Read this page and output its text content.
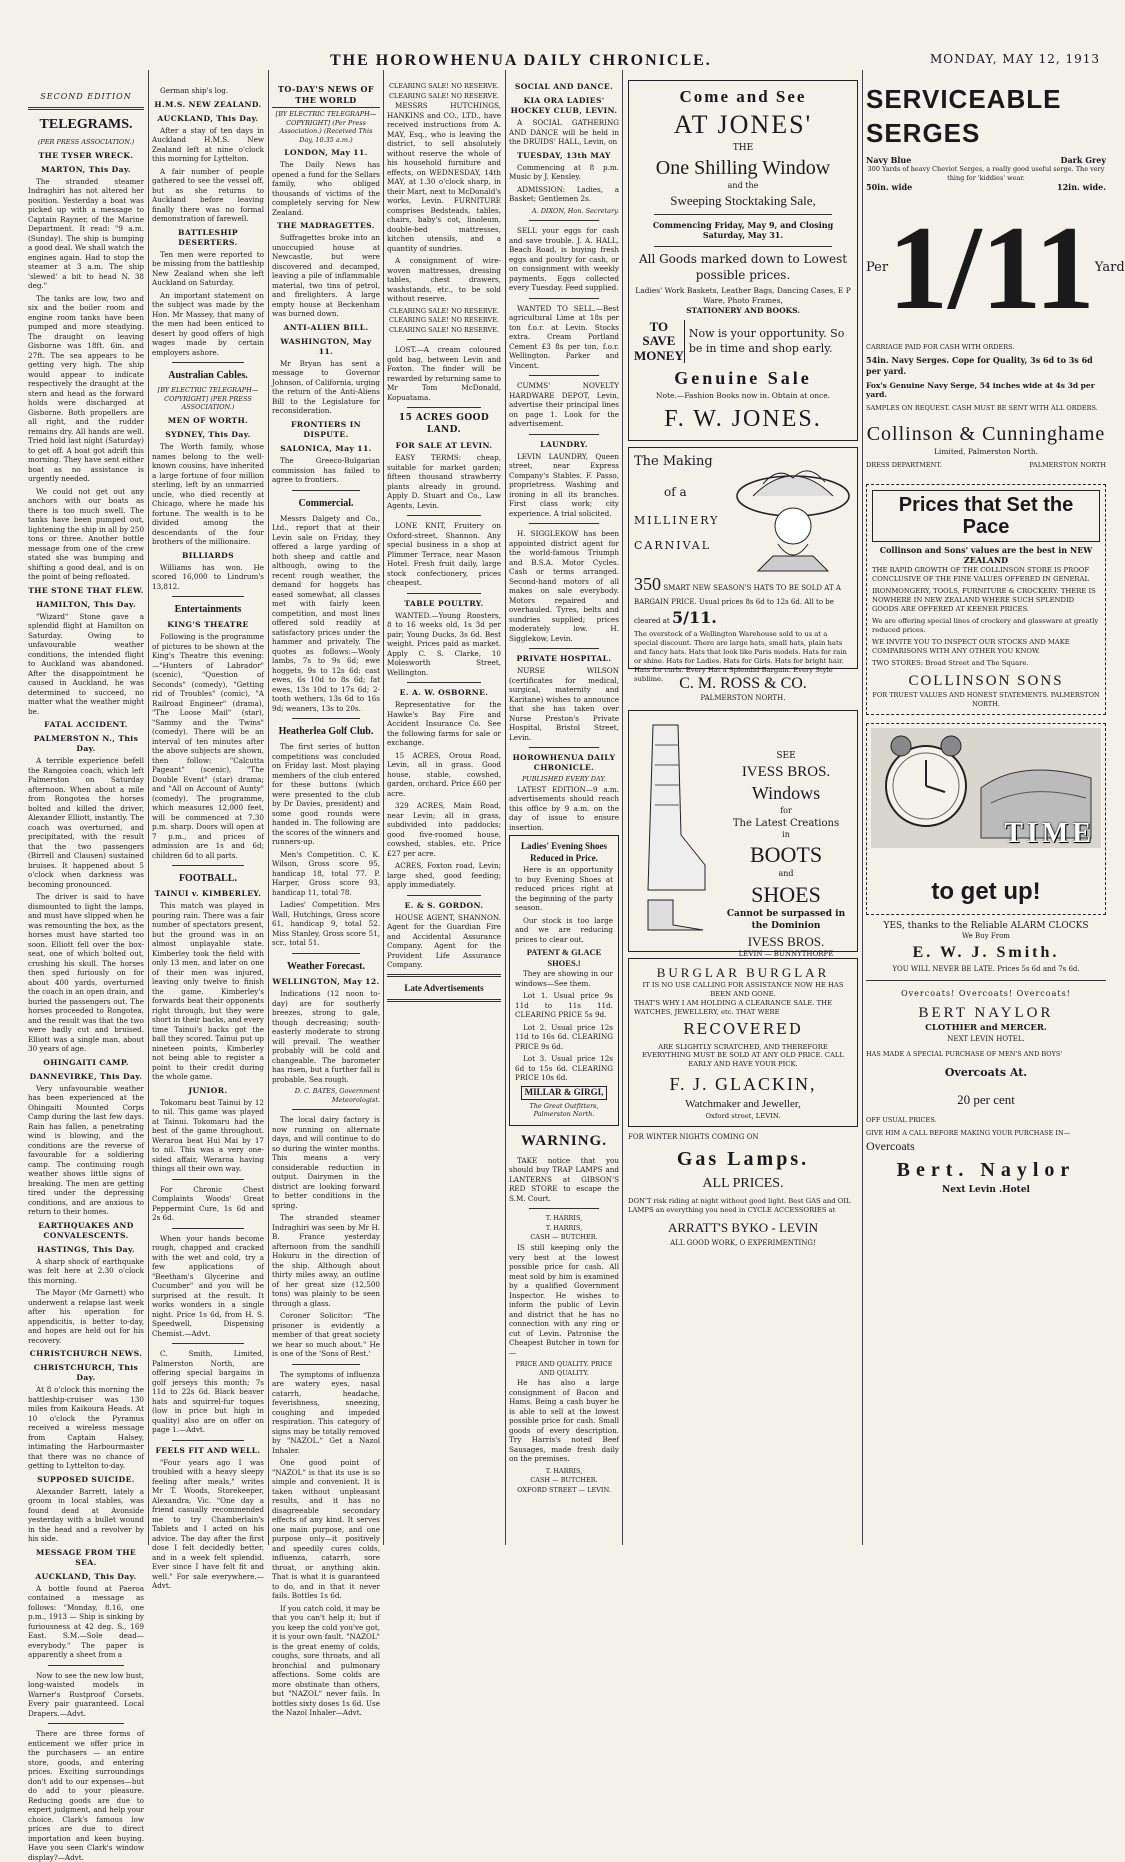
THE HOROWHENUA DAILY CHRONICLE.	MONDAY, MAY 12, 1913
SECOND EDITION
TELEGRAMS.
(PER PRESS ASSOCIATION.)
THE TYSER WRECK.
MARTON, This Day.

The stranded steamer Indraghiri has not altered her position. Yesterday a boat was picked up with a message to Captain Rayner, of the Marine Department. It read: "9 a.m. (Sunday). The ship is bumping a good deal. We shall watch the engines again. Had to stop the steamer at 3 a.m. The ship 'slewed' a bit to head N. 38 deg."

The tanks are low, two and six and the boiler room and engine room tanks have been pumped and more steadying. The draught on leaving Gisborne was 18ft. 6in. and 27ft. The sea appears to be getting very high. The ship would appear to indicate respectively the draught at the stern and head as the forward holds were discharged at Gisborne. Both propellers are all right, and the rudder remains dry. All hands are well. Tried hold last night (Saturday) to get off. A boat got adrift this morning. They have sent either boat as no assistance is urgently needed.

We could not get out any anchors with our boats as there is too much swell. The tanks have been pumped out, lightening the ship in all by 250 tons or three. Another bottle message from one of the crew stated she was bumping and shifting a good deal, and is on the point of being refloated.

THE STONE THAT FLEW.
HAMILTON, This Day.

"Wizard" Stone gave a splendid flight at Hamilton on Saturday. Owing to unfavourable weather conditions, the intended flight to Auckland was abandoned. After the disappointment he caused in Auckland, he was determined to succeed, no matter what the weather might be.

FATAL ACCIDENT.
PALMERSTON N., This Day.

A terrible experience befell the Rangoiea coach, which left Palmerston on Saturday afternoon. When about a mile from Rongotea the horses bolted and killed the driver, Alexander Elliott, instantly. The coach was overturned, and precipitated, with the result that the two passengers (Birrell and Clausen) sustained bruises. It happened about 5 o'clock when darkness was becoming pronounced.

The driver is said to have dismounted to light the lamps, and must have slipped when he was remounting the box, as the horses must have started too soon. Elliott fell over the box-seat, one of which bolted out, crushing his skull. The horses then sped furiously on for about 400 yards, overturned the coach in an open drain, and buried the passengers out. The horses proceeded to Rongotea, and the result was that the two were badly cut and bruised. Elliott was a single man, about 30 years of age.

OHINGAITI CAMP.
DANNEVIRKE, This Day.

Very unfavourable weather has been experienced at the Ohingaiti Mounted Corps Camp during the last few days. Rain has fallen, a penetrating wind is blowing, and the conditions are the reverse of favourable for a soldiering camp. The continuing rough weather shows little signs of breaking. The men are getting tired under the depressing conditions, and are anxious to return to their homes.

EARTHQUAKES AND CONVALESCENTS.
HASTINGS, This Day.

A sharp shock of earthquake was felt here at 2.30 o'clock this morning.

The Mayor (Mr Garnett) who underwent a relapse last week after his operation for appendicitis, is better to-day, and hopes are held out for his recovery.

CHRISTCHURCH NEWS.
CHRISTCHURCH, This Day.

At 8 o'clock this morning the battleship-cruiser was 130 miles from Kaikoura Heads. At 10 o'clock the Pyramus received a wireless message from Captain Halsey, intimating the Harbourmaster that there was no chance of getting to Lyttelton to-day.

SUPPOSED SUICIDE.

Alexander Barrett, lately a groom in local stables, was found dead at Avonside yesterday with a bullet wound in the head and a revolver by his side.

MESSAGE FROM THE SEA.
AUCKLAND, This Day.

A bottle found at Paeroa contained a message as follows: "Monday, 8.16, one p.m., 1913 — Ship is sinking by furiousness at 42 deg. S., 169 East. S.M.—Sole dead—everybody." The paper is apparently a sheet from a

Now to see the new low bust, long-waisted models in Warner's Rustproof Corsets. Every pair guaranteed. Local Drapers.—Advt.

There are three forms of enticement we offer price in the purchasers — an entire store, goods, and entering prices. Exciting surroundings don't add to our expenses—but do add to your pleasure. Reducing goods are due to expert judgment, and help your choice. Clark's famous low prices are due to direct importation and keen buying. Have you seen Clark's window display?—Advt.

German ship's log.

H.M.S. NEW ZEALAND.
AUCKLAND, This Day.

After a stay of ten days in Auckland H.M.S. New Zealand left at nine o'clock this morning for Lyttelton.

A fair number of people gathered to see the vessel off, but as she returns to Auckland before leaving finally there was no formal demonstration of farewell.

BATTLESHIP DESERTERS.

Ten men were reported to be missing from the battleship New Zealand when she left Auckland on Saturday.

An important statement on the subject was made by the Hon. Mr Massey, that many of the men had been enticed to desert by good offers of high wages made by certain employers ashore.

Australian Cables.
[BY ELECTRIC TELEGRAPH—COPYRIGHT] (PER PRESS ASSOCIATION.)
MEN OF WORTH.
SYDNEY, This Day.

The Worth family, whose names belong to the well-known cousins, have inherited a large fortune of four million sterling, left by an unmarried uncle, who died recently at Chicago, where he made his fortune. The wealth is to be divided among the descendants of the four brothers of the millionaire.

BILLIARDS

Williams has won. He scored 16,000 to Lindrum's 13,812.

Entertainments
KING'S THEATRE

Following is the programme of pictures to be shown at the King's Theatre this evening:—"Hunters of Labrador" (scenic), "Question of Seconds" (comedy), "Getting rid of Troubles" (comic), "A Railroad Engineer" (drama), "The Loose Mail" (star), "Sammy and the Twins" (comedy). There will be an interval of ten minutes after the above subjects are shown, then follow: "Calcutta Pageant" (scenic), "The Double Event" (star) drama; and "All on Account of Aunty" (comedy). The programme, which measures 12,000 feet, will be commenced at 7.30 p.m. sharp. Doors will open at 7 p.m., and prices of admission are 1s and 6d; children 6d to all parts.

FOOTBALL.
TAINUI v. KIMBERLEY.

This match was played in pouring rain. There was a fair number of spectators present, but the ground was in an almost unplayable state. Kimberley took the field with only 13 men, and later on one of their men was injured, leaving only twelve to finish the game. Kimberley's forwards beat their opponents right through, but they were short in their backs, and every time Tainui's backs got the ball they scored. Tainui put up nineteen points, Kimberley not being able to register a point to their credit during the whole game.

JUNIOR.

Tokomaru beat Tainui by 12 to nil. This game was played at Tainui. Tokomaru had the best of the game throughout. Weraroa beat Hui Mai by 17 to nil. This was a very one-sided affair, Weraroa having things all their own way.

For Chronic Chest Complaints Woods' Great Peppermint Cure, 1s 6d and 2s 6d.

When your hands become rough, chapped and cracked with the wet and cold, try a few applications of "Beetham's Glycerine and Cucumber" and you will be surprised at the result. It works wonders in a single night. Price 1s 6d, from H. S. Speedwell, Dispensing Chemist.—Advt.

C. Smith, Limited, Palmerston North, are offering special bargains in golf jerseys this month; 7s 11d to 22s 6d. Black beaver hats and squirrel-fur toques (low in price but high in quality) also are on offer on page 1.—Advt.

FEELS FIT AND WELL.

"Four years ago I was troubled with a heavy sleepy feeling after meals," writes Mr T. Woods, Storekeeper, Alexandra, Vic. "One day a friend casually recommended me to try Chamberlain's Tablets and I acted on his advice. The day after the first dose I felt decidedly better, and in a week felt splendid. Ever since I have felt fit and well." For sale everywhere.—Advt.

TO-DAY'S NEWS OF THE WORLD
[BY ELECTRIC TELEGRAPH—COPYRIGHT] (Per Press Association.) (Received This Day, 10.35 a.m.)
LONDON, May 11.

The Daily News has opened a fund for the Sellars family, who obliged thousands of victims of the completely serving for New Zealand.

THE MADRAGETTES.

Suffragettes broke into an unoccupied house at Newcastle, but were discovered and decamped, leaving a pile of inflammable material, two tins of petrol, and firelighters. A large empty house at Beckenham was burned down.

ANTI-ALIEN BILL.
WASHINGTON, May 11.

Mr Bryan has sent a message to Governor Johnson, of California, urging the return of the Anti-Aliens Bill to the Legislature for reconsideration.

FRONTIERS IN DISPUTE.
SALONICA, May 11.

The Greeco-Bulgarian commission has failed to agree to frontiers.

Commercial.

Messrs Dalgety and Co., Ltd., report that at their Levin sale on Friday, they offered a large yarding of both sheep and cattle and although, owing to the recent rough weather, the demand for hoggets has eased somewhat, all classes met with fairly keen competition, and most lines offered sold readily at satisfactory prices under the hammer and privately. The quotes as follows:—Wooly lambs, 7s to 9s 6d; ewe hoggets, 9s to 12s 6d; cast ewes, 6s 10d to 8s 6d; fat ewes, 13s 10d to 17s 6d; 2-tooth wethers, 13s 6d to 16s 9d; weaners, 13s to 20s.

Heatherlea Golf Club.

The first series of button competitions was concluded on Friday last. Most playing members of the club entered for these buttons (which were presented to the club by Dr Davies, president) and some good rounds were handed in. The following are the scores of the winners and runners-up.

Men's Competition. C. K. Wilson, Gross score 95, handicap 18, total 77. P. Harper, Gross score 93, handicap 11, total 78.

Ladies' Competition. Mrs Wall, Hutchings, Gross score 61, handicap 9, total 52. Miss Stanley, Gross score 51, scr., total 51.

Weather Forecast.
WELLINGTON, May 12.

Indications (12 noon to-day) are for southerly breezes, strong to gale, though decreasing; south-easterly moderate to strong will prevail. The weather probably will be cold and changeable. The barometer has risen, but a further fall is probable. Sea rough.

D. C. BATES, Government Meteorologist.

The local dairy factory is now running on alternate days, and will continue to do so during the winter months. This means a very considerable reduction in output. Dairymen in the district are looking forward to better conditions in the spring.

The stranded steamer Indraghiri was seen by Mr H. B. France yesterday afternoon from the sandhill Hokuru in the direction of the ship. Although about thirty miles away, an outline of her great size (12,500 tons) was plainly to be seen through a glass.

Coroner Solicitor: "The prisoner is evidently a member of that great society we hear so much about." He is one of the 'Sons of Rest.'

The symptoms of influenza are watery eyes, nasal catarrh, headache, feverishness, sneezing, coughing and impeded respiration. This category of signs may be totally removed by "NAZOL." Get a Nazol Inhaler.

One good point of "NAZOL" is that its use is so simple and convenient. It is taken without unpleasant results, and it has no disagreeable secondary effects of any kind. It serves one main purpose, and one purpose only—it positively and speedily cures colds, influenza, catarrh, sore throat, or anything akin. That is what it is guaranteed to do, and in that it never fails. Bottles 1s 6d.

If you catch cold, it may be that you can't help it; but if you keep the cold you've got, it is your own fault. "NAZOL" is the great enemy of colds, coughs, sore throats, and all bronchial and pulmonary affections. Some colds are more obstinate than others, but "NAZOL" never fails. In bottles sixty doses 1s 6d. Use the Nazol Inhaler—Advt.

CLEARING SALE! NO RESERVE.
CLEARING SALE! NO RESERVE.

MESSRS HUTCHINGS, HANKINS and CO., LTD., have received instructions from A. MAY, Esq., who is leaving the district, to sell absolutely without reserve the whole of his household furniture and effects, on WEDNESDAY, 14th MAY, at 1.30 o'clock sharp, in their Mart, next to McDonald's works, Levin. FURNITURE comprises Bedsteads, tables, chairs, baby's cot, linoleum, double-bed mattresses, kitchen utensils, and a quantity of sundries.

A consignment of wire-woven mattresses, dressing tables, chest drawers, washstands, etc., to be sold without reserve.

CLEARING SALE! NO RESERVE.
CLEARING SALE! NO RESERVE.
CLEARING SALE! NO RESERVE.

LOST.—A cream coloured gold bag, between Levin and Foxton. The finder will be rewarded by returning same to Mr Tom McDonald, Kopuatama.

15 ACRES GOOD LAND.
FOR SALE AT LEVIN.

EASY TERMS: cheap, suitable for market garden; fifteen thousand strawberry plants already in ground. Apply D. Stuart and Co., Law Agents, Levin.

LONE KNIT, Fruitery on Oxford-street, Shannon. Any special business in a shop at Plimmer Terrace, near Mason Hotel. Fresh fruit daily, large stock confectionery, prices cheapest.

TABLE POULTRY.

WANTED.—Young Roosters, 8 to 16 weeks old, 1s 3d per pair; Young Ducks, 3s 6d. Best weight. Prices paid as market. Apply C. S. Clarke, 10 Molesworth Street, Wellington.

E. A. W. OSBORNE.

Representative for the Hawke's Bay Fire and Accident Insurance Co. See the following farms for sale or exchange.

15 ACRES, Oroua Road, Levin, all in grass. Good house, stable, cowshed, garden, orchard. Price £60 per acre.

329 ACRES, Main Road, near Levin; all in grass, subdivided into paddocks; good five-roomed house, cowshed, stables, etc. Price £27 per acre.

ACRES, Foxton road, Levin; large shed, good feeding; apply immediately.

E. & S. GORDON.

HOUSE AGENT, SHANNON. Agent for the Guardian Fire and Accidental Assurance Company. Agent for the Provident Life Assurance Company.

Late Advertisements
SOCIAL AND DANCE.
KIA ORA LADIES' HOCKEY CLUB, LEVIN.

A SOCIAL GATHERING AND DANCE will be held in the DRUIDS' HALL, Levin, on

TUESDAY, 13th MAY

Commencing at 8 p.m. Music by J. Kensley.

ADMISSION: Ladies, a Basket; Gentlemen 2s.

A. DIXON, Hon. Secretary.

SELL your eggs for cash and save trouble. J. A. HALL, Beach Road, is buying fresh eggs and poultry for cash, or on consignment with weekly payments. Eggs collected every Tuesday. Feed supplied.

WANTED TO SELL.—Best agricultural Lime at 18s per ton f.o.r. at Levin. Stocks extra. Cream Portland Cement £3 8s per ton, f.o.r. Wellington. Parker and Vincent.

CUMMS' NOVELTY HARDWARE DEPOT, Levin, advertise their principal lines on page 1. Look for the advertisement.

LAUNDRY.

LEVIN LAUNDRY, Queen street, near Express Company's Stables. F. Passo, proprietress. Washing and ironing in all its branches. First class work; city experience. A trial solicited.

H. SIGGLEKOW has been appointed district agent for the world-famous Triumph and B.S.A. Motor Cycles. Cash or terms arranged. Second-hand motors of all makes on sale everybody. Motors repaired and overhauled. Tyres, belts and sundries supplied; prices moderately low. H. Sigglekow, Levin.

PRIVATE HOSPITAL.

NURSE WILSON (certificates for medical, surgical, maternity and Karitane) wishes to announce that she has taken over Nurse Preston's Private Hospital, Bristol Street, Levin.

HOROWHENUA DAILY CHRONICLE.
PUBLISHED EVERY DAY.

LATEST EDITION—9 a.m. advertisements should reach this office by 9 a.m. on the day of issue to ensure insertion.

Ladies' Evening Shoes Reduced in Price.

Here is an opportunity to buy Evening Shoes at reduced prices right at the beginning of the party season.

Our stock is too large and we are reducing prices to clear out.

PATENT & GLACE SHOES.!

They are showing in our windows—See them.

Lot 1. Usual price 9s 11d to 11s 11d. CLEARING PRICE 5s 9d.

Lot 2. Usual price 12s 11d to 16s 6d. CLEARING PRICE 9s 6d.

Lot 3. Usual price 12s 6d to 15s 6d. CLEARING PRICE 10s 6d.

MILLAR & GIRGI,
The Great Outfitters, Palmerston North.
WARNING.

TAKE notice that you should buy TRAP LAMPS and LANTERNS at GIBSON'S RED STORE to escape the S.M. Court.

T. HARRIS,
T. HARRIS,
CASH — BUTCHER.

IS still keeping only the very best at the lowest possible price for cash. All meat sold by him is examined by a qualified Government Inspector. He wishes to inform the public of Levin and district that he has no connection with any ring or cut of Levin. Patronise the Cheapest Butcher in town for—

PRICE AND QUALITY. PRICE AND QUALITY.

He has also a large consignment of Bacon and Hams. Being a cash buyer he is able to sell at the lowest possible price for cash. Small goods of every description. Try Harris's noted Beef Sausages, made fresh daily on the premises.

T. HARRIS,
CASH — BUTCHER.
OXFORD STREET — LEVIN.
Come and See
AT JONES'
THE
One Shilling Window
and the
Sweeping Stocktaking Sale,
Commencing Friday, May 9, and Closing Saturday, May 31.
All Goods marked down to Lowest possible prices.
Ladies' Work Baskets, Leather Bags, Dancing Cases, E P Ware, Photo Frames,
STATIONERY AND BOOKS.
TO SAVE MONEY
Now is your opportunity. So be in time and shop early.
Genuine Sale
Note.—Fashion Books now in. Obtain at once.
F. W. JONES.
The Making
of a
MILLINERY
CARNIVAL
350 SMART NEW SEASON'S HATS TO BE SOLD AT A BARGAIN PRICE. Usual prices 8s 6d to 12s 6d. All to be cleared at 5/11.
The overstock of a Wellington Warehouse sold to us at a special discount. There are large hats, small hats, plain hats and fancy hats. Hats that look like Paris models. Hats for rain or shine. Hats for Ladies. Hats for Girls. Hats for bright hair. Hats for curls. Every Hat a Splendid Bargain. Every Style sublime.	C. M. ROSS & CO.
PALMERSTON NORTH.
SEE
IVESS BROS.
Windows
for
The Latest Creations
in
BOOTS
and
SHOES
Cannot be surpassed in the Dominion
IVESS BROS.
LEVIN — BUNNYTHORPE
BURGLAR BURGLAR
IT IS NO USE CALLING FOR ASSISTANCE NOW HE HAS BEEN AND GONE.
THAT'S WHY I AM HOLDING A CLEARANCE SALE. THE WATCHES, JEWELLERY, etc. THAT WERE
RECOVERED
ARE SLIGHTLY SCRATCHED, AND THEREFORE EVERYTHING MUST BE SOLD AT ANY OLD PRICE. CALL EARLY AND HAVE YOUR PICK.
F. J. GLACKIN,
Watchmaker and Jeweller,
Oxford street, LEVIN.
FOR WINTER NIGHTS COMING ON
Gas Lamps.
ALL PRICES.
DON'T risk riding at night without good light. Best GAS and OIL LAMPS an everything you need in CYCLE ACCESSORIES at
ARRATT'S BYKO - LEVIN
ALL GOOD WORK, O EXPERIMENTING!
SERVICEABLE SERGES
Navy Blue	Dark Grey
300 Yards of heavy Cheviot Serges, a really good useful serge. The very thing for 'kiddies' wear.
50in. wide	12in. wide.
Per 1/11 Yard
CARRIAGE PAID FOR CASH WITH ORDERS.
54in. Navy Serges. Cope for Quality, 3s 6d to 3s 6d per yard.
Fox's Genuine Navy Serge, 54 inches wide at 4s 3d per yard.
SAMPLES ON REQUEST. CASH MUST BE SENT WITH ALL ORDERS.
Collinson & Cunninghame
Limited, Palmerston North.
DRESS DEPARTMENT.	PALMERSTON NORTH
Prices that Set the Pace
Collinson and Sons' values are the best in NEW ZEALAND
THE RAPID GROWTH OF THE COLLINSON STORE IS PROOF CONCLUSIVE OF THE FINE VALUES OFFERED IN GENERAL
IRONMONGERY, TOOLS, FURNITURE & CROCKERY. THERE IS NOWHERE IN NEW ZEALAND WHERE SUCH SPLENDID GOODS ARE OFFERED AT KEENER PRICES.
We are offering special lines of crockery and glassware at greatly reduced prices.
WE INVITE YOU TO INSPECT OUR STOCKS AND MAKE COMPARISONS WITH ANY OTHER YOU KNOW.
TWO STORES: Broad Street and The Square.
COLLINSON SONS
FOR TRUEST VALUES AND HONEST STATEMENTS. PALMERSTON NORTH.
TIME
to get up!
YES, thanks to the Reliable ALARM CLOCKS
We Buy From
E. W. J. Smith.
YOU WILL NEVER BE LATE. Prices 5s 6d and 7s 6d.
Overcoats! Overcoats! Overcoats!
BERT NAYLOR
CLOTHIER and MERCER.
NEXT LEVIN HOTEL.
HAS MADE A SPECIAL PURCHASE OF MEN'S AND BOYS'
Overcoats At.
20 per cent
OFF USUAL PRICES.
GIVE HIM A CALL BEFORE MAKING YOUR PURCHASE IN—
Overcoats
Bert. Naylor
Next Levin .Hotel
